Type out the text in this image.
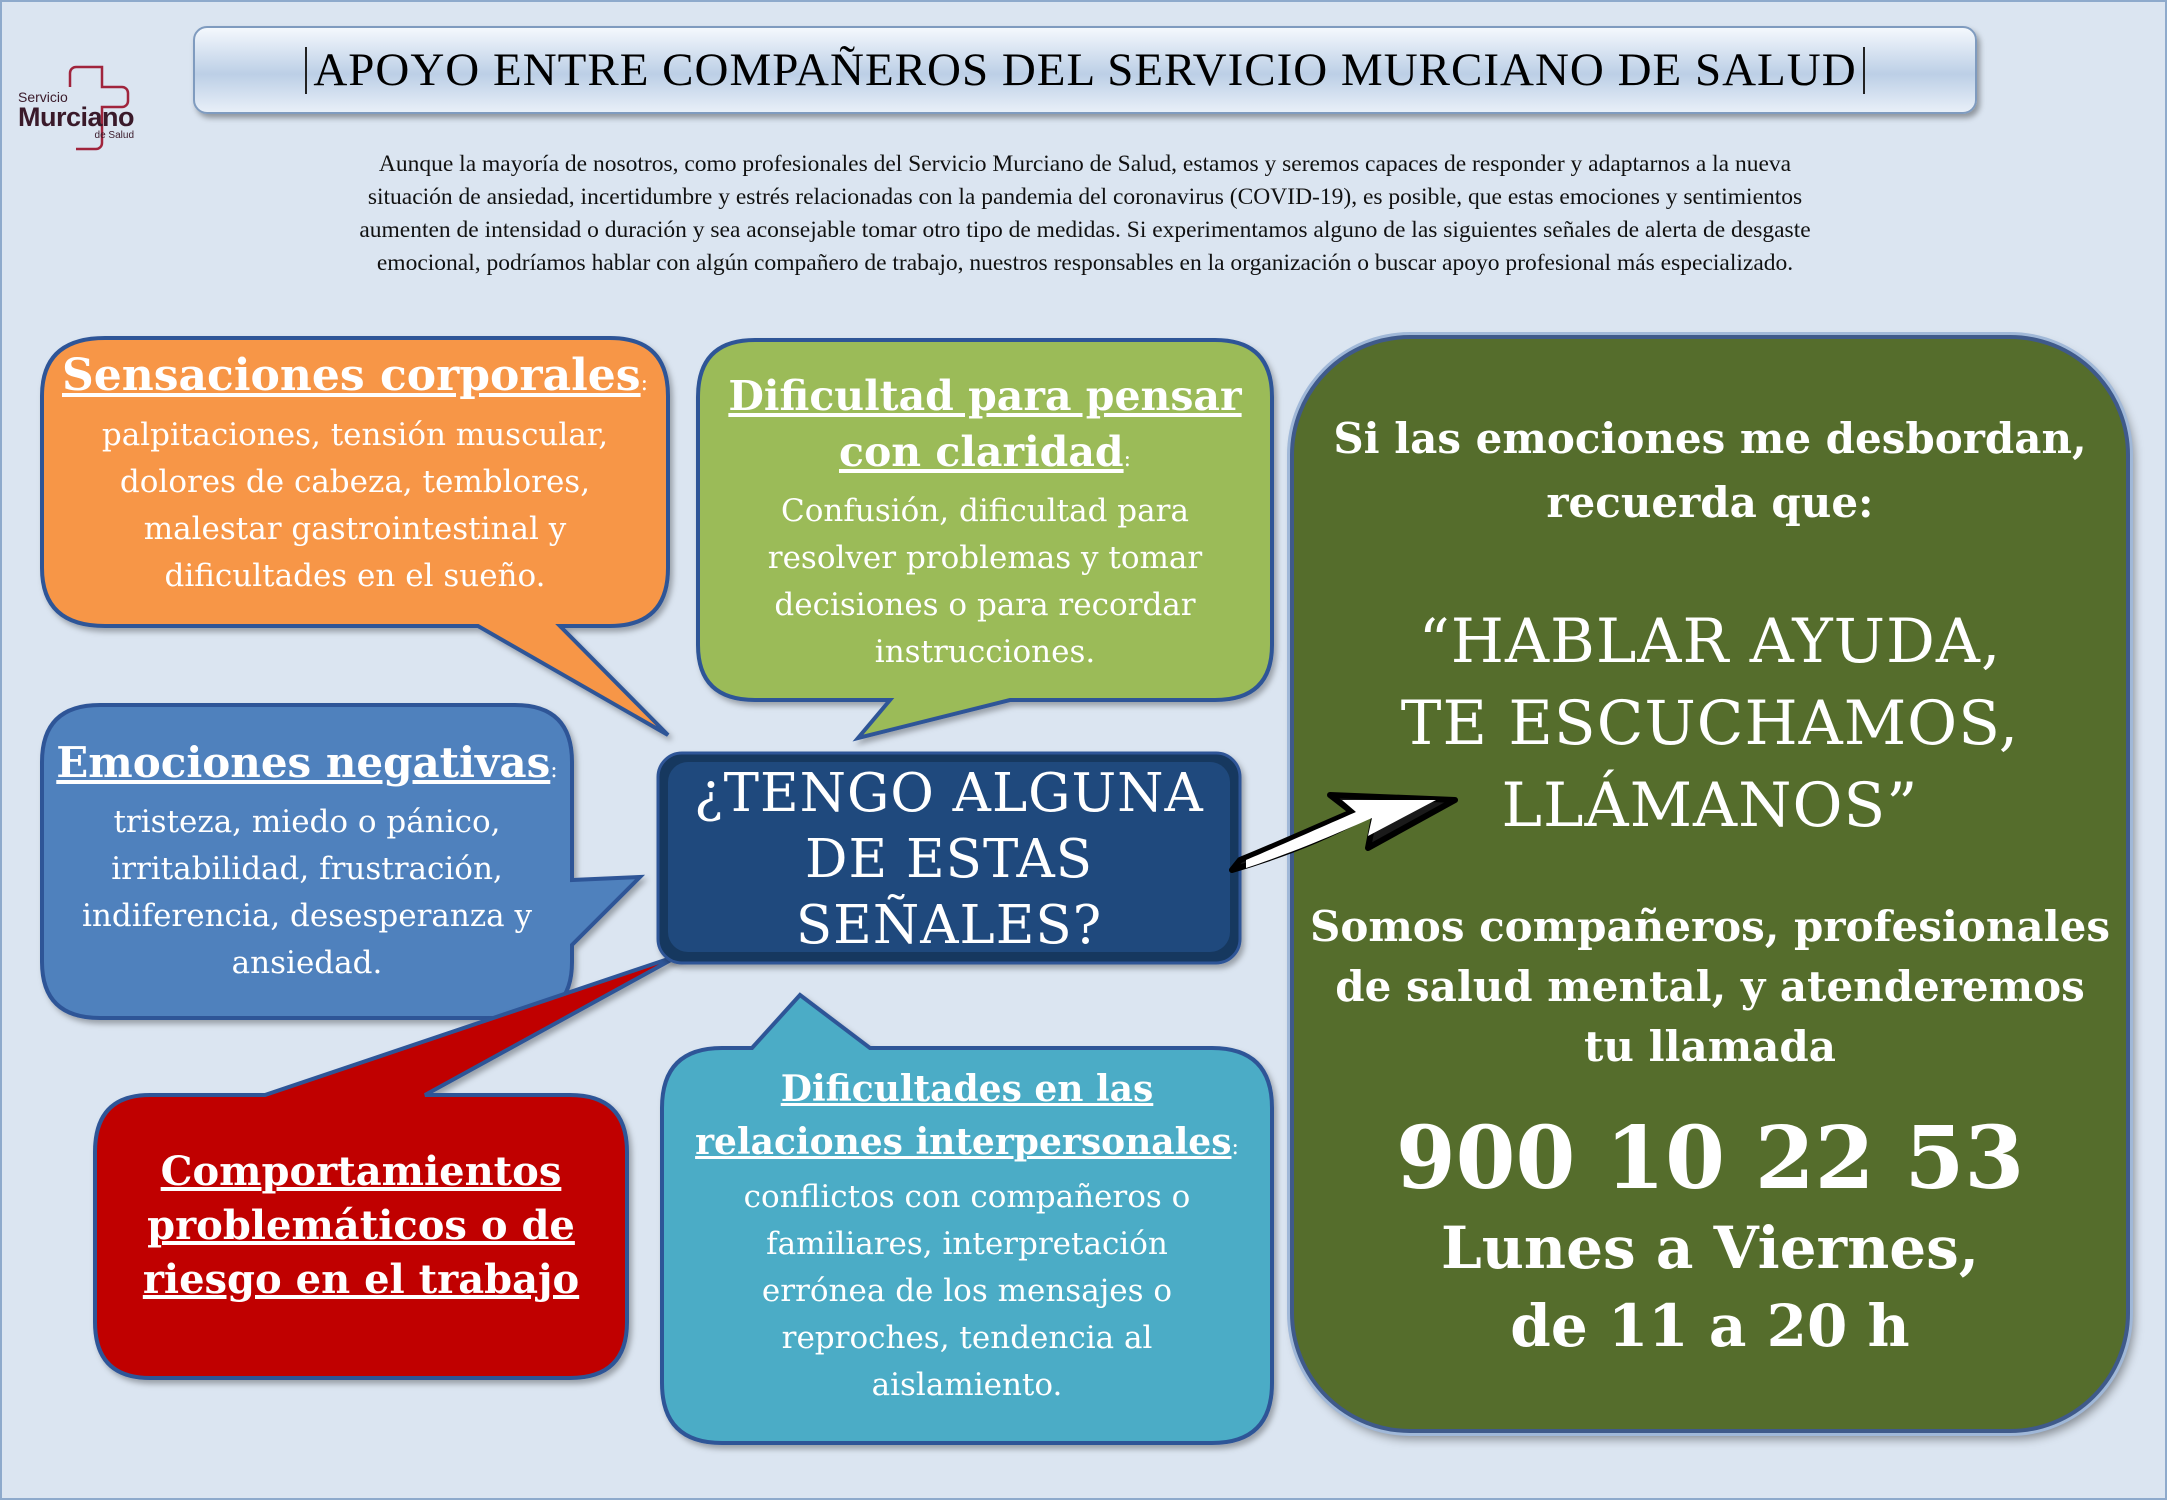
Servicio
Murciano
de Salud
APOYO ENTRE COMPAÑEROS DEL SERVICIO MURCIANO DE SALUD
Aunque la mayoría de nosotros, como profesionales del Servicio Murciano de Salud, estamos y seremos capaces de responder y adaptarnos a la nueva
situación de ansiedad, incertidumbre y estrés relacionadas con la pandemia del coronavirus (COVID-19), es posible, que estas emociones y sentimientos
aumenten de intensidad o duración y sea aconsejable tomar otro tipo de medidas. Si experimentamos alguno de las siguientes señales de alerta de desgaste
emocional, podríamos hablar con algún compañero de trabajo, nuestros responsables en la organización o buscar apoyo profesional más especializado.
Si las emociones me desbordan,
recuerda que:
“HABLAR AYUDA,
TE ESCUCHAMOS,
LLÁMANOS”
Somos compañeros, profesionales
de salud mental, y atenderemos
tu llamada
900 10 22 53
Lunes a Viernes,
de 11 a 20 h
Sensaciones corporales:
palpitaciones, tensión muscular,
dolores de cabeza, temblores,
malestar gastrointestinal y
dificultades en el sueño.
Dificultad para pensar
con claridad:
Confusión, dificultad para
resolver problemas y tomar
decisiones o para recordar
instrucciones.
Emociones negativas:
tristeza, miedo o pánico,
irritabilidad, frustración,
indiferencia, desesperanza y
ansiedad.
Comportamientos
problemáticos o de
riesgo en el trabajo
Dificultades en las
relaciones interpersonales:
conflictos con compañeros o
familiares, interpretación
errónea de los mensajes o
reproches, tendencia al
aislamiento.
¿TENGO ALGUNA
DE ESTAS
SEÑALES?
